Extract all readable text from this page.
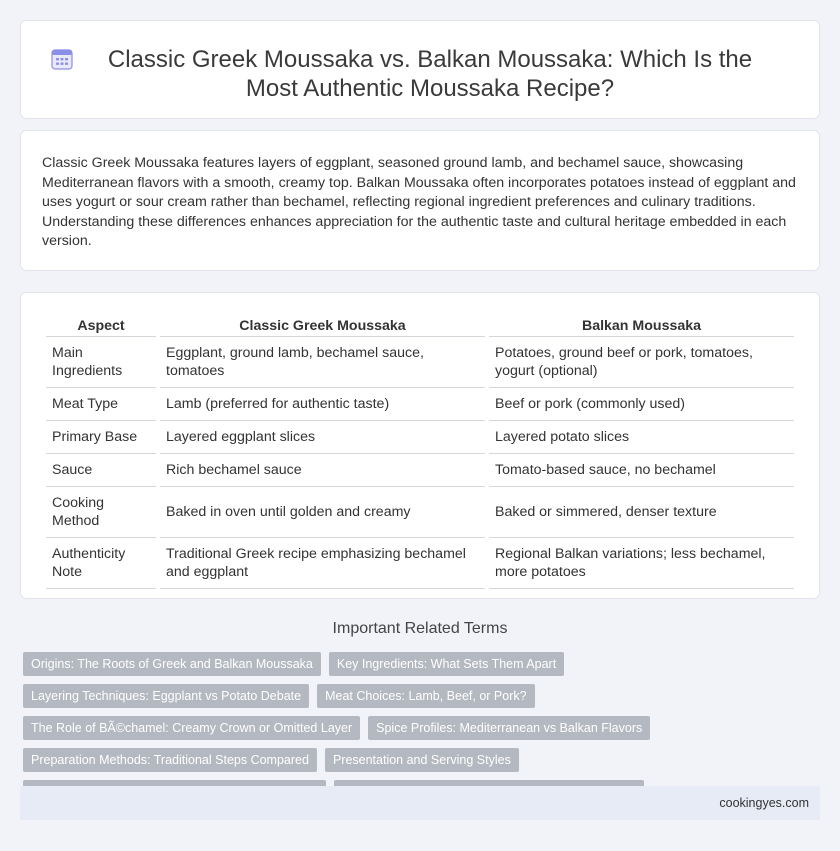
Classic Greek Moussaka vs. Balkan Moussaka: Which Is the Most Authentic Moussaka Recipe?

Classic Greek Moussaka features layers of eggplant, seasoned ground lamb, and bechamel sauce, showcasing Mediterranean flavors with a smooth, creamy top. Balkan Moussaka often incorporates potatoes instead of eggplant and uses yogurt or sour cream rather than bechamel, reflecting regional ingredient preferences and culinary traditions. Understanding these differences enhances appreciation for the authentic taste and cultural heritage embedded in each version.

Aspect	Classic Greek Moussaka	Balkan Moussaka
Main Ingredients	Eggplant, ground lamb, bechamel sauce, tomatoes	Potatoes, ground beef or pork, tomatoes, yogurt (optional)
Meat Type	Lamb (preferred for authentic taste)	Beef or pork (commonly used)
Primary Base	Layered eggplant slices	Layered potato slices
Sauce	Rich bechamel sauce	Tomato-based sauce, no bechamel
Cooking Method	Baked in oven until golden and creamy	Baked or simmered, denser texture
Authenticity Note	Traditional Greek recipe emphasizing bechamel and eggplant	Regional Balkan variations; less bechamel, more potatoes
Important Related Terms
Origins: The Roots of Greek and Balkan Moussaka	Key Ingredients: What Sets Them Apart
Layering Techniques: Eggplant vs Potato Debate	Meat Choices: Lamb, Beef, or Pork?
The Role of BÃ©chamel: Creamy Crown or Omitted Layer	Spice Profiles: Mediterranean vs Balkan Flavors
Preparation Methods: Traditional Steps Compared	Presentation and Serving Styles
cookingyes.com
